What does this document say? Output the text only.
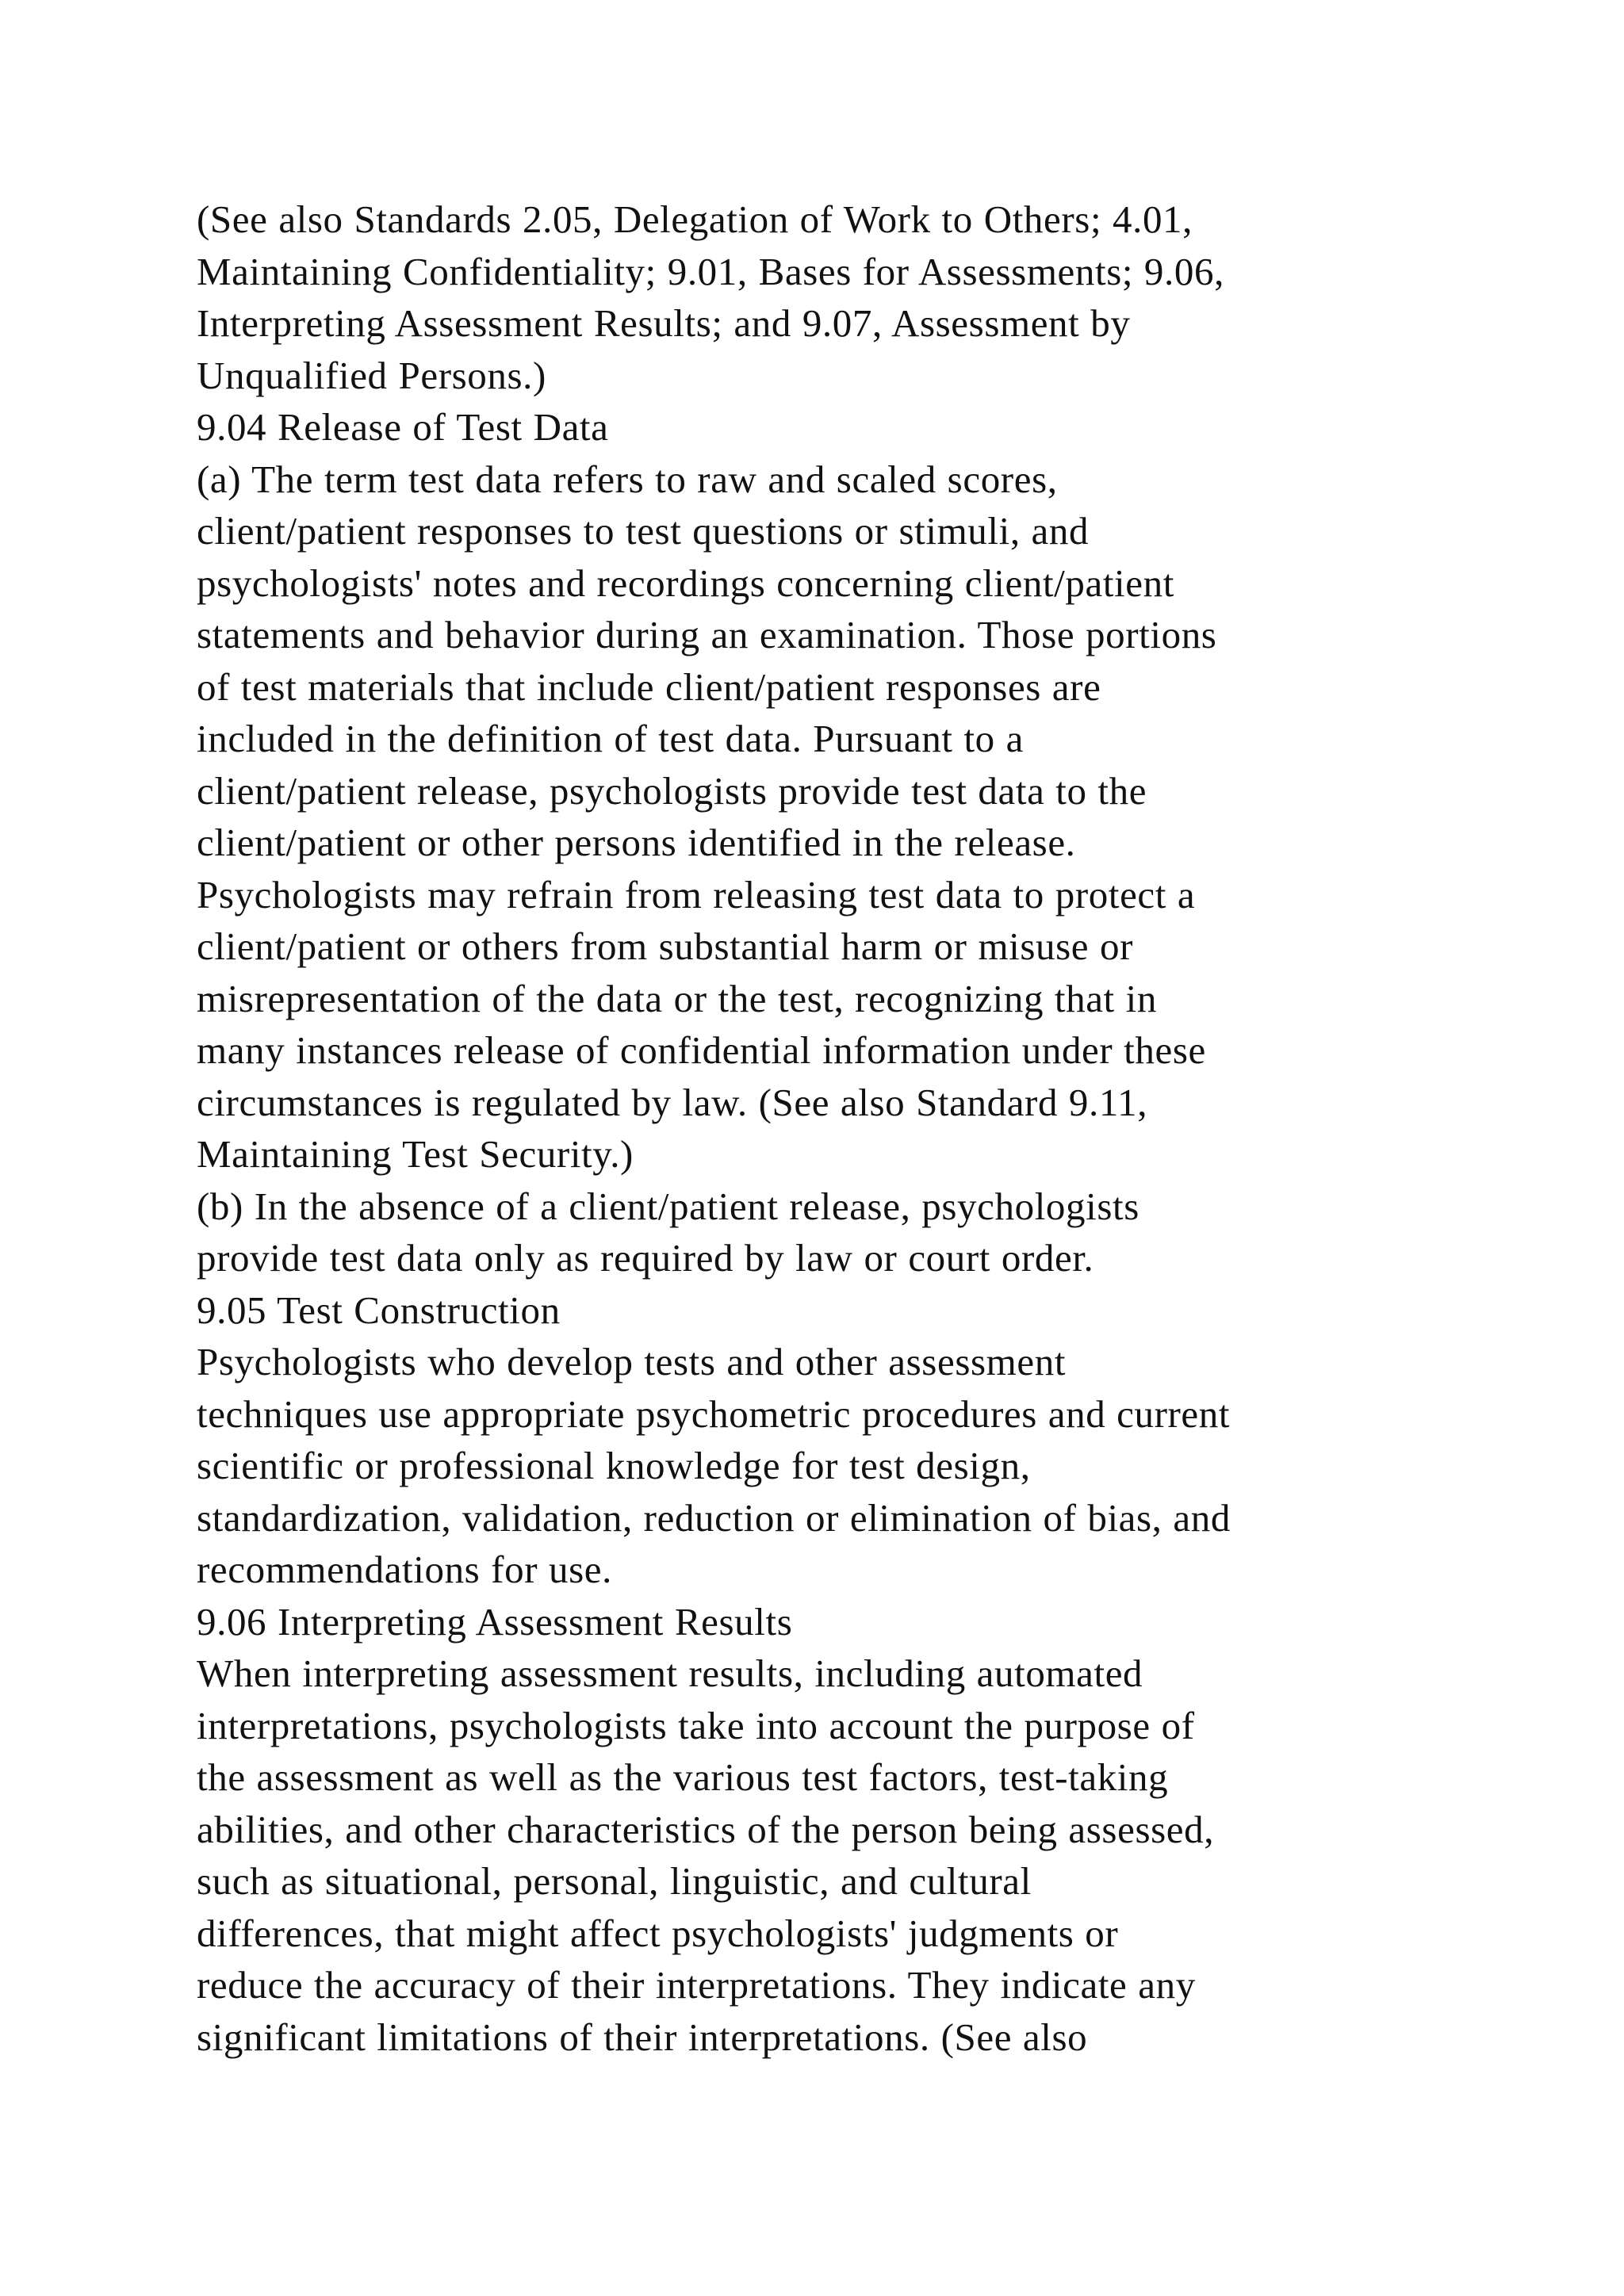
(See also Standards 2.05, Delegation of Work to Others; 4.01,
Maintaining Confidentiality; 9.01, Bases for Assessments; 9.06,
Interpreting Assessment Results; and 9.07, Assessment by
Unqualified Persons.)
9.04 Release of Test Data
(a) The term test data refers to raw and scaled scores,
client/patient responses to test questions or stimuli, and
psychologists' notes and recordings concerning client/patient
statements and behavior during an examination. Those portions
of test materials that include client/patient responses are
included in the definition of test data. Pursuant to a
client/patient release, psychologists provide test data to the
client/patient or other persons identified in the release.
Psychologists may refrain from releasing test data to protect a
client/patient or others from substantial harm or misuse or
misrepresentation of the data or the test, recognizing that in
many instances release of confidential information under these
circumstances is regulated by law. (See also Standard 9.11,
Maintaining Test Security.)
(b) In the absence of a client/patient release, psychologists
provide test data only as required by law or court order.
9.05 Test Construction
Psychologists who develop tests and other assessment
techniques use appropriate psychometric procedures and current
scientific or professional knowledge for test design,
standardization, validation, reduction or elimination of bias, and
recommendations for use.
9.06 Interpreting Assessment Results
When interpreting assessment results, including automated
interpretations, psychologists take into account the purpose of
the assessment as well as the various test factors, test-taking
abilities, and other characteristics of the person being assessed,
such as situational, personal, linguistic, and cultural
differences, that might affect psychologists' judgments or
reduce the accuracy of their interpretations. They indicate any
significant limitations of their interpretations. (See also
